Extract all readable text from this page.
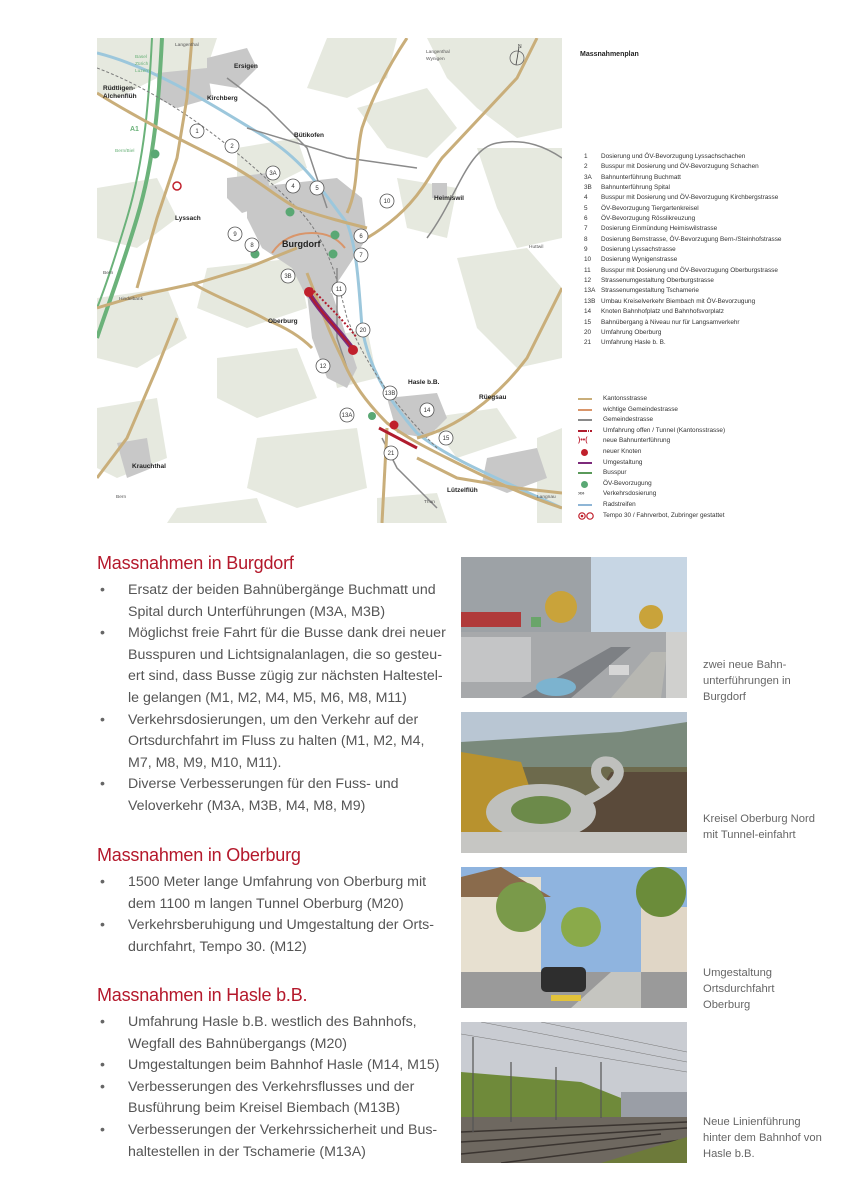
N
1
2
3A
4	5
10
9	6
8
7
3B
11
20
12
13B
14
13A
15
21
Rüdtligen-
Alchenflüh
Ersigen
Kirchberg
Bütikofen
Lyssach
Heimiswil
Hasle b.B.
Rüegsau
Krauchthal
Lützelflüh
Oberburg
Burgdorf
Langenthal
Langenthal
Wynigen
Basel
Zürich
Luzern
Bern/Biel
Bern
Hindelbank
Bern
Huttwil
Thun
Langnau
A1
Massnahmenplan
1	Dosierung und ÖV-Bevorzugung Lyssachschachen
2	Busspur mit Dosierung und ÖV-Bevorzugung Schachen
3A	Bahnunterführung Buchmatt
3B	Bahnunterführung Spital
4	Busspur mit Dosierung und ÖV-Bevorzugung Kirchbergstrasse
5	ÖV-Bevorzugung Tiergartenkreisel
6	ÖV-Bevorzugung Rösslikreuzung
7	Dosierung Einmündung Heimiswilstrasse
8	Dosierung Bernstrasse, ÖV-Bevorzugung Bern-/Steinhofstrasse
9	Dosierung Lyssachstrasse
10	Dosierung Wynigenstrasse
11	Busspur mit Dosierung und ÖV-Bevorzugung Oberburgstrasse
12	Strassenumgestaltung Oberburgstrasse
13A Strassenumgestaltung Tschamerie
13B Umbau Kreiselverkehr Biembach mit ÖV-Bevorzugung
14	Knoten Bahnhofplatz und Bahnhofsvorplatz
15	Bahnübergang à Niveau nur für Langsamverkehr
20	Umfahrung Oberburg
21	Umfahrung Hasle b. B.
Kantonsstrasse
wichtige Gemeindestrasse
Gemeindestrasse
Umfahrung offen / Tunnel (Kantonsstrasse)
)••(	neue Bahnunterführung
neuer Knoten
Umgestaltung
Busspur
ÖV-Bevorzugung
››››	Verkehrsdosierung
Radstreifen
Tempo 30 / Fahrverbot, Zubringer gestattet
Massnahmen in Burgdorf
• Ersatz der beiden Bahnübergänge Buchmatt und Spital durch Unterführungen (M3A, M3B)
• Möglichst freie Fahrt für die Busse dank drei neuer Busspuren und Lichtsignalanlagen, die so gesteu-ert sind, dass Busse zügig zur nächsten Haltestel-le gelangen (M1, M2, M4, M5, M6, M8, M11)
• Verkehrsdosierungen, um den Verkehr auf der Ortsdurchfahrt im Fluss zu halten (M1, M2, M4, M7, M8, M9, M10, M11).
• Diverse Verbesserungen für den Fuss- und Veloverkehr (M3A, M3B, M4, M8, M9)
Massnahmen in Oberburg
• 1500 Meter lange Umfahrung von Oberburg mit dem 1100 m langen Tunnel Oberburg (M20)
• Verkehrsberuhigung und Umgestaltung der Orts-durchfahrt, Tempo 30. (M12)
Massnahmen in Hasle b.B.
• Umfahrung Hasle b.B. westlich des Bahnhofs, Wegfall des Bahnübergangs (M20)
• Umgestaltungen beim Bahnhof Hasle (M14, M15)
• Verbesserungen des Verkehrsflusses und der Busführung beim Kreisel Biembach (M13B)
• Verbesserungen der Verkehrssicherheit und Bus-haltestellen in der Tschamerie (M13A)
zwei neue Bahn-unterführungen in Burgdorf
Kreisel Oberburg Nord mit Tunnel-einfahrt
Umgestaltung Ortsdurchfahrt Oberburg
Neue Linienführung hinter dem Bahnhof von Hasle b.B.
